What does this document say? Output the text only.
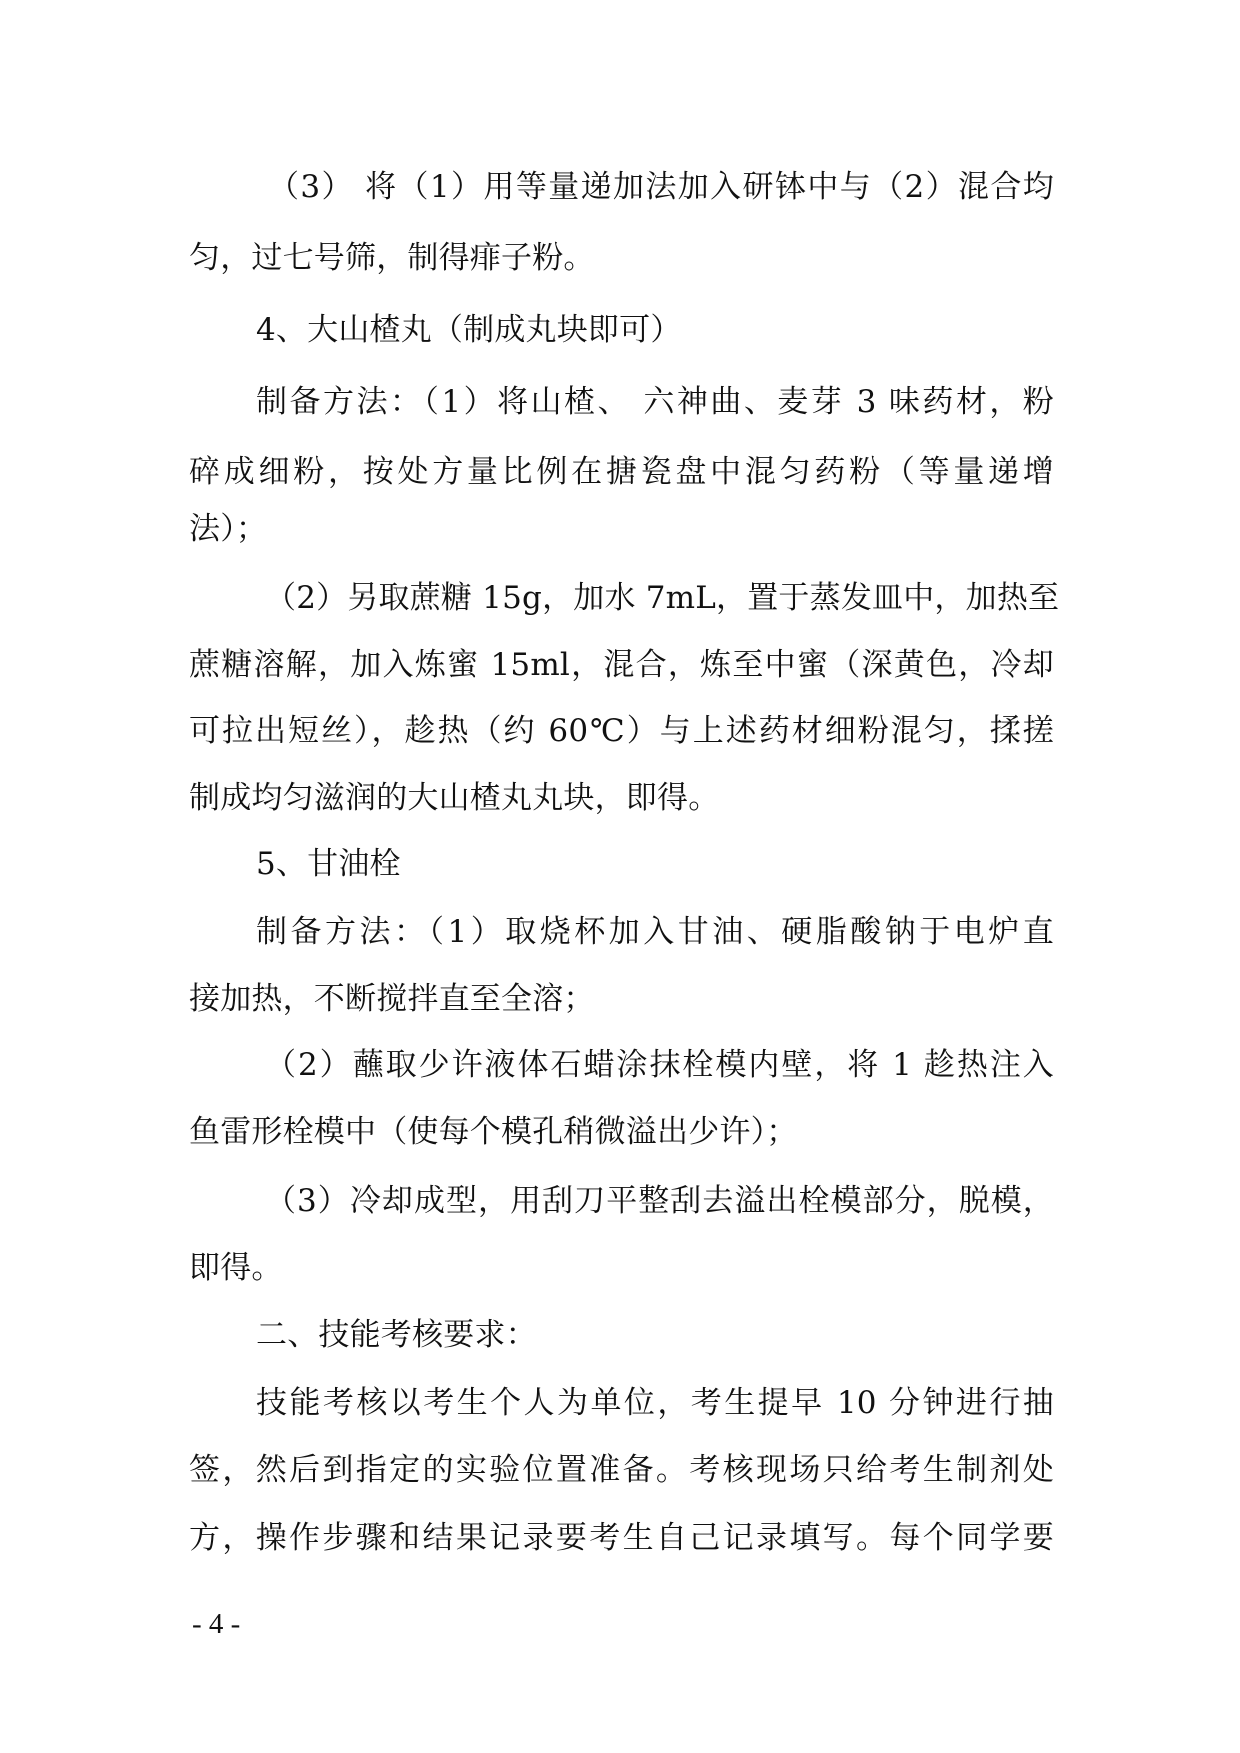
（3） 将（1）用等量递加法加入研钵中与（2）混合均
匀，过七号筛，制得痱子粉。
4、大山楂丸（制成丸块即可）
制备方法：（1）将山楂、 六神曲、麦芽 3 味药材，粉
碎成细粉，按处方量比例在搪瓷盘中混匀药粉（等量递增
法）；
（2）另取蔗糖 15g，加水 7mL，置于蒸发皿中，加热至
蔗糖溶解，加入炼蜜 15ml，混合，炼至中蜜（深黄色，冷却
可拉出短丝），趁热（约 60℃）与上述药材细粉混匀，揉搓
制成均匀滋润的大山楂丸丸块，即得。
5、甘油栓
制备方法：（1）取烧杯加入甘油、硬脂酸钠于电炉直
接加热，不断搅拌直至全溶；
（2）蘸取少许液体石蜡涂抹栓模内壁，将 1 趁热注入
鱼雷形栓模中（使每个模孔稍微溢出少许）；
（3）冷却成型，用刮刀平整刮去溢出栓模部分，脱模，
即得。
二、技能考核要求：
技能考核以考生个人为单位，考生提早 10 分钟进行抽
签，然后到指定的实验位置准备。考核现场只给考生制剂处
方，操作步骤和结果记录要考生自己记录填写。每个同学要
- 4 -
